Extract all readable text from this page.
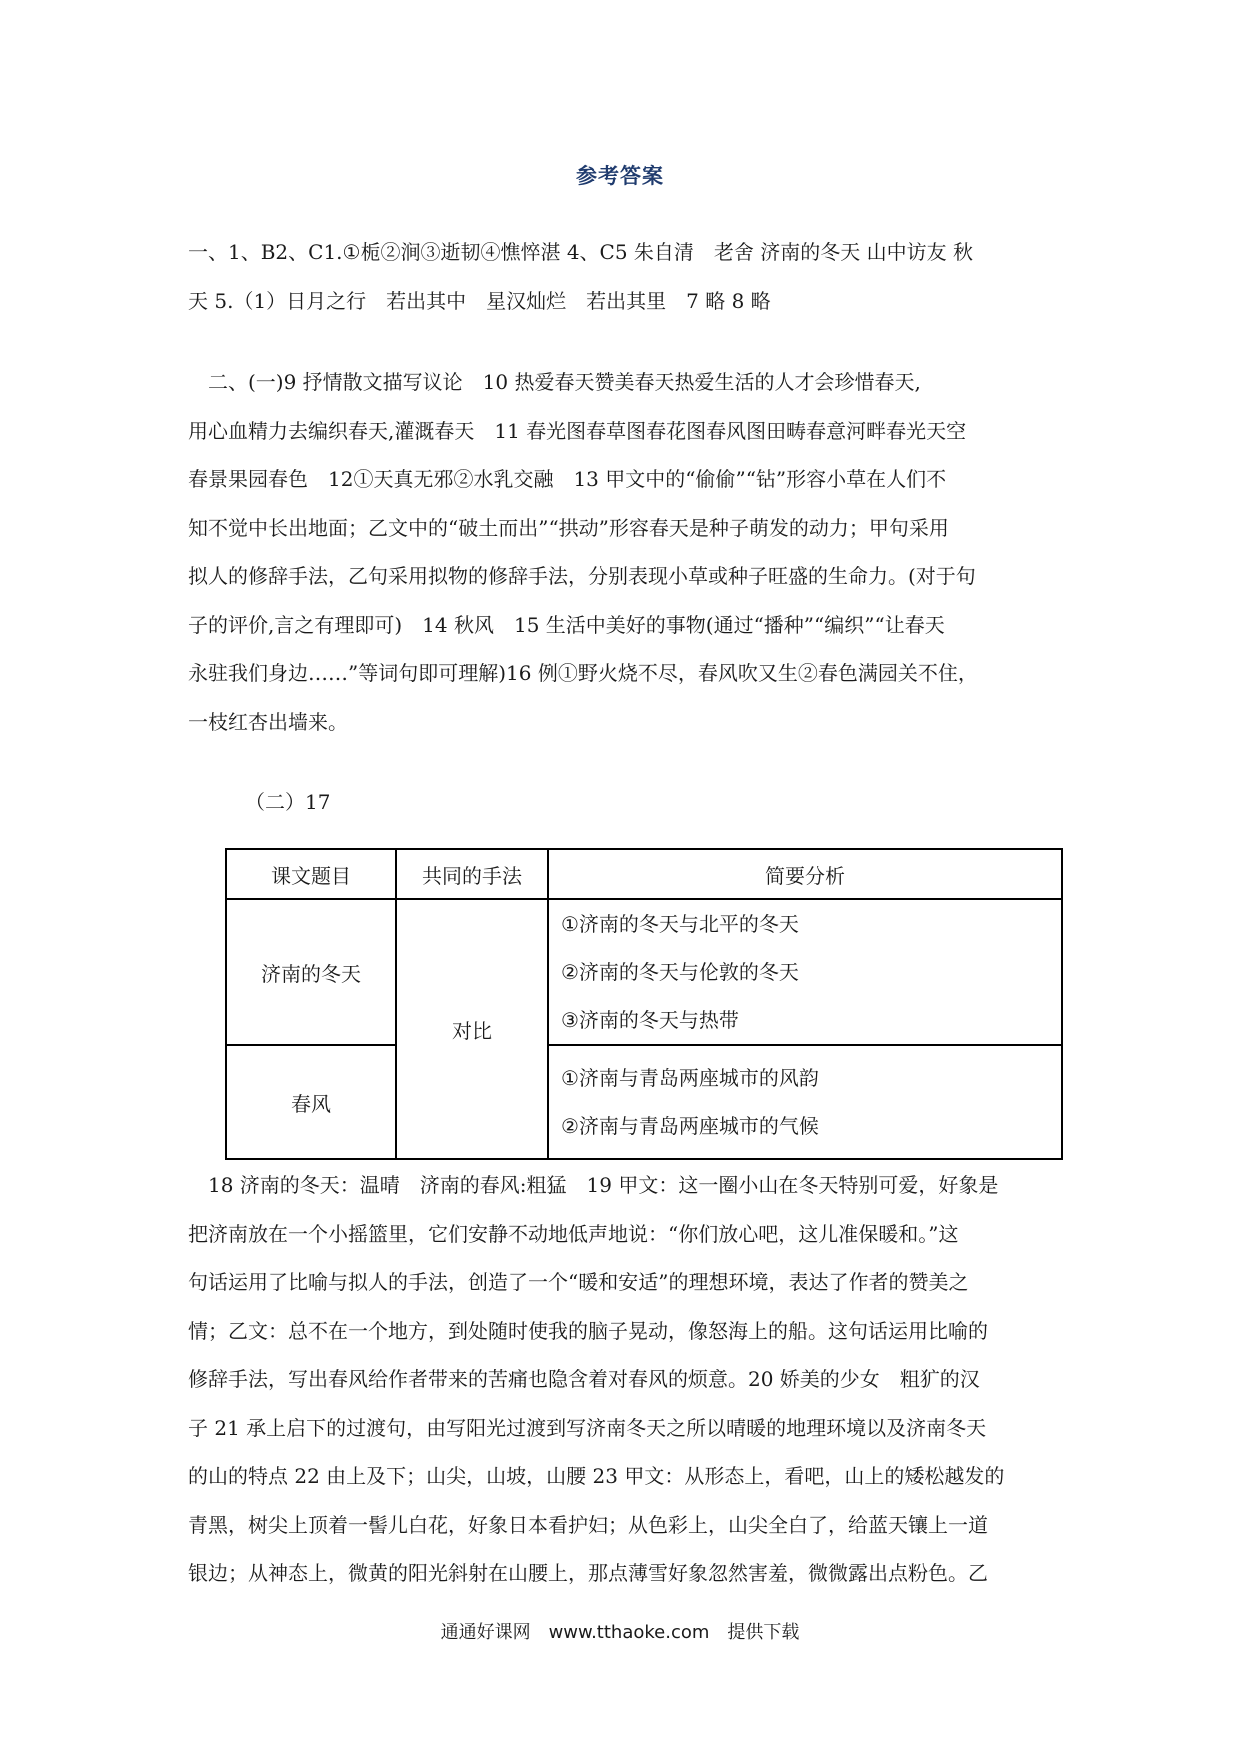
参考答案
一、1、B2、C1.①栀②涧③逝韧④憔悴湛 4、C5 朱自清　老舍 济南的冬天 山中访友 秋
天 5.（1）日月之行　若出其中　星汉灿烂　若出其里　7 略 8 略
　二、(一)9 抒情散文描写议论　10 热爱春天赞美春天热爱生活的人才会珍惜春天,
用心血精力去编织春天,灌溉春天　11 春光图春草图春花图春风图田畴春意河畔春光天空
春景果园春色　12①天真无邪②水乳交融　13 甲文中的“偷偷”“钻”形容小草在人们不
知不觉中长出地面；乙文中的“破土而出”“拱动”形容春天是种子萌发的动力；甲句采用
拟人的修辞手法，乙句采用拟物的修辞手法，分别表现小草或种子旺盛的生命力。(对于句
子的评价,言之有理即可)　14 秋风　15 生活中美好的事物(通过“播种”“编织”“让春天
永驻我们身边……”等词句即可理解)16 例①野火烧不尽，春风吹又生②春色满园关不住，
一枝红杏出墙来。
（二）17
课文题目	共同的手法	简要分析
济南的冬天	对比	①济南的冬天与北平的冬天
②济南的冬天与伦敦的冬天
③济南的冬天与热带

春风		①济南与青岛两座城市的风韵
②济南与青岛两座城市的气候
　18 济南的冬天：温晴　济南的春风:粗猛　19 甲文：这一圈小山在冬天特别可爱，好象是
把济南放在一个小摇篮里，它们安静不动地低声地说：“你们放心吧，这儿准保暖和。”这
句话运用了比喻与拟人的手法，创造了一个“暖和安适”的理想环境，表达了作者的赞美之
情；乙文：总不在一个地方，到处随时使我的脑子晃动，像怒海上的船。这句话运用比喻的
修辞手法，写出春风给作者带来的苦痛也隐含着对春风的烦意。20 娇美的少女　粗犷的汉
子 21 承上启下的过渡句，由写阳光过渡到写济南冬天之所以晴暖的地理环境以及济南冬天
的山的特点 22 由上及下；山尖，山坡，山腰 23 甲文：从形态上，看吧，山上的矮松越发的
青黑，树尖上顶着一髻儿白花，好象日本看护妇；从色彩上，山尖全白了，给蓝天镶上一道
银边；从神态上，微黄的阳光斜射在山腰上，那点薄雪好象忽然害羞，微微露出点粉色。乙
通通好课网　www.tthaoke.com　提供下载
